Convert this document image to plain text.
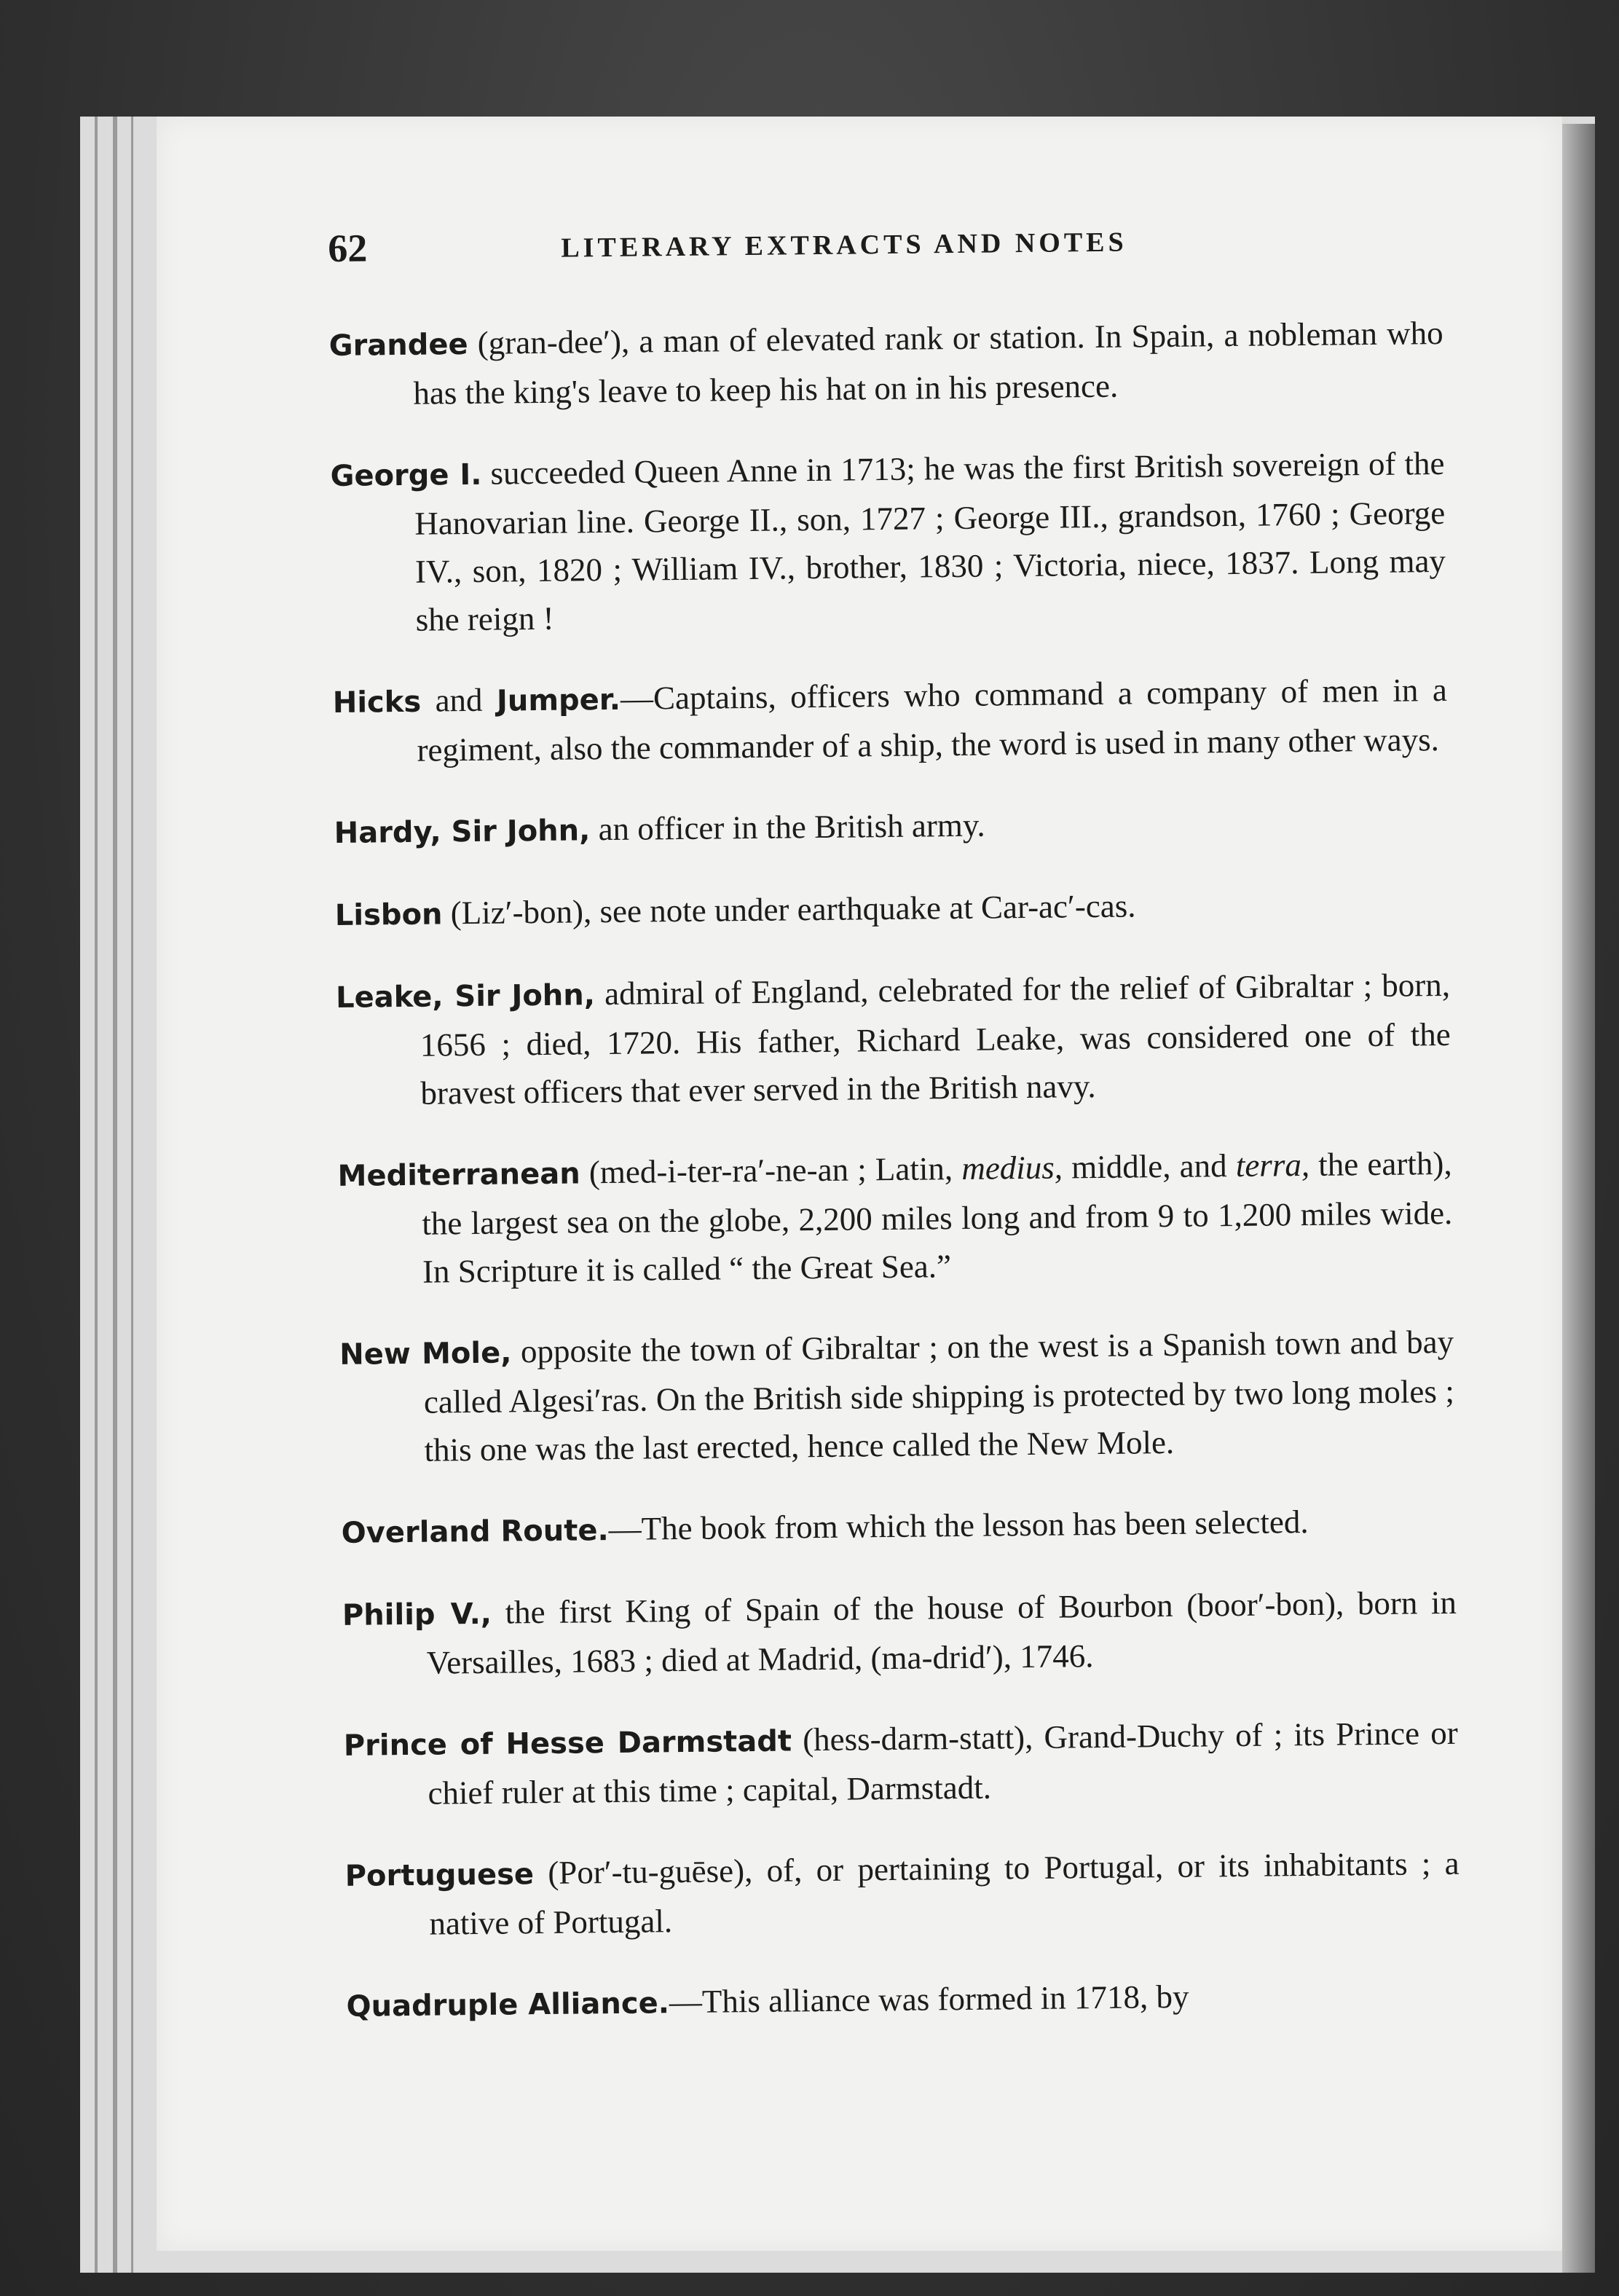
62	LITERARY EXTRACTS AND NOTES

Grandee (gran-dee′), a man of elevated rank or station. In Spain, a nobleman who has the king's leave to keep his hat on in his presence.

George I. succeeded Queen Anne in 1713; he was the first British sovereign of the Hanovarian line. George II., son, 1727 ; George III., grandson, 1760 ; George IV., son, 1820 ; William IV., brother, 1830 ; Victoria, niece, 1837. Long may she reign !

Hicks and Jumper.—Captains, officers who command a company of men in a regiment, also the commander of a ship, the word is used in many other ways.

Hardy, Sir John, an officer in the British army.

Lisbon (Liz′-bon), see note under earthquake at Car-ac′-cas.

Leake, Sir John, admiral of England, celebrated for the relief of Gibraltar ; born, 1656 ; died, 1720. His father, Richard Leake, was considered one of the bravest officers that ever served in the British navy.

Mediterranean (med-i-ter-ra′-ne-an ; Latin, medius, middle, and terra, the earth), the largest sea on the globe, 2,200 miles long and from 9 to 1,200 miles wide. In Scripture it is called “ the Great Sea.”

New Mole, opposite the town of Gibraltar ; on the west is a Spanish town and bay called Algesi′ras. On the British side shipping is protected by two long moles ; this one was the last erected, hence called the New Mole.

Overland Route.—The book from which the lesson has been selected.

Philip V., the first King of Spain of the house of Bourbon (boor′-bon), born in Versailles, 1683 ; died at Madrid, (ma-drid′), 1746.

Prince of Hesse Darmstadt (hess-darm-statt), Grand-Duchy of ; its Prince or chief ruler at this time ; capital, Darmstadt.

Portuguese (Por′-tu-guēse), of, or pertaining to Portugal, or its inhabitants ; a native of Portugal.

Quadruple Alliance.—This alliance was formed in 1718, by
